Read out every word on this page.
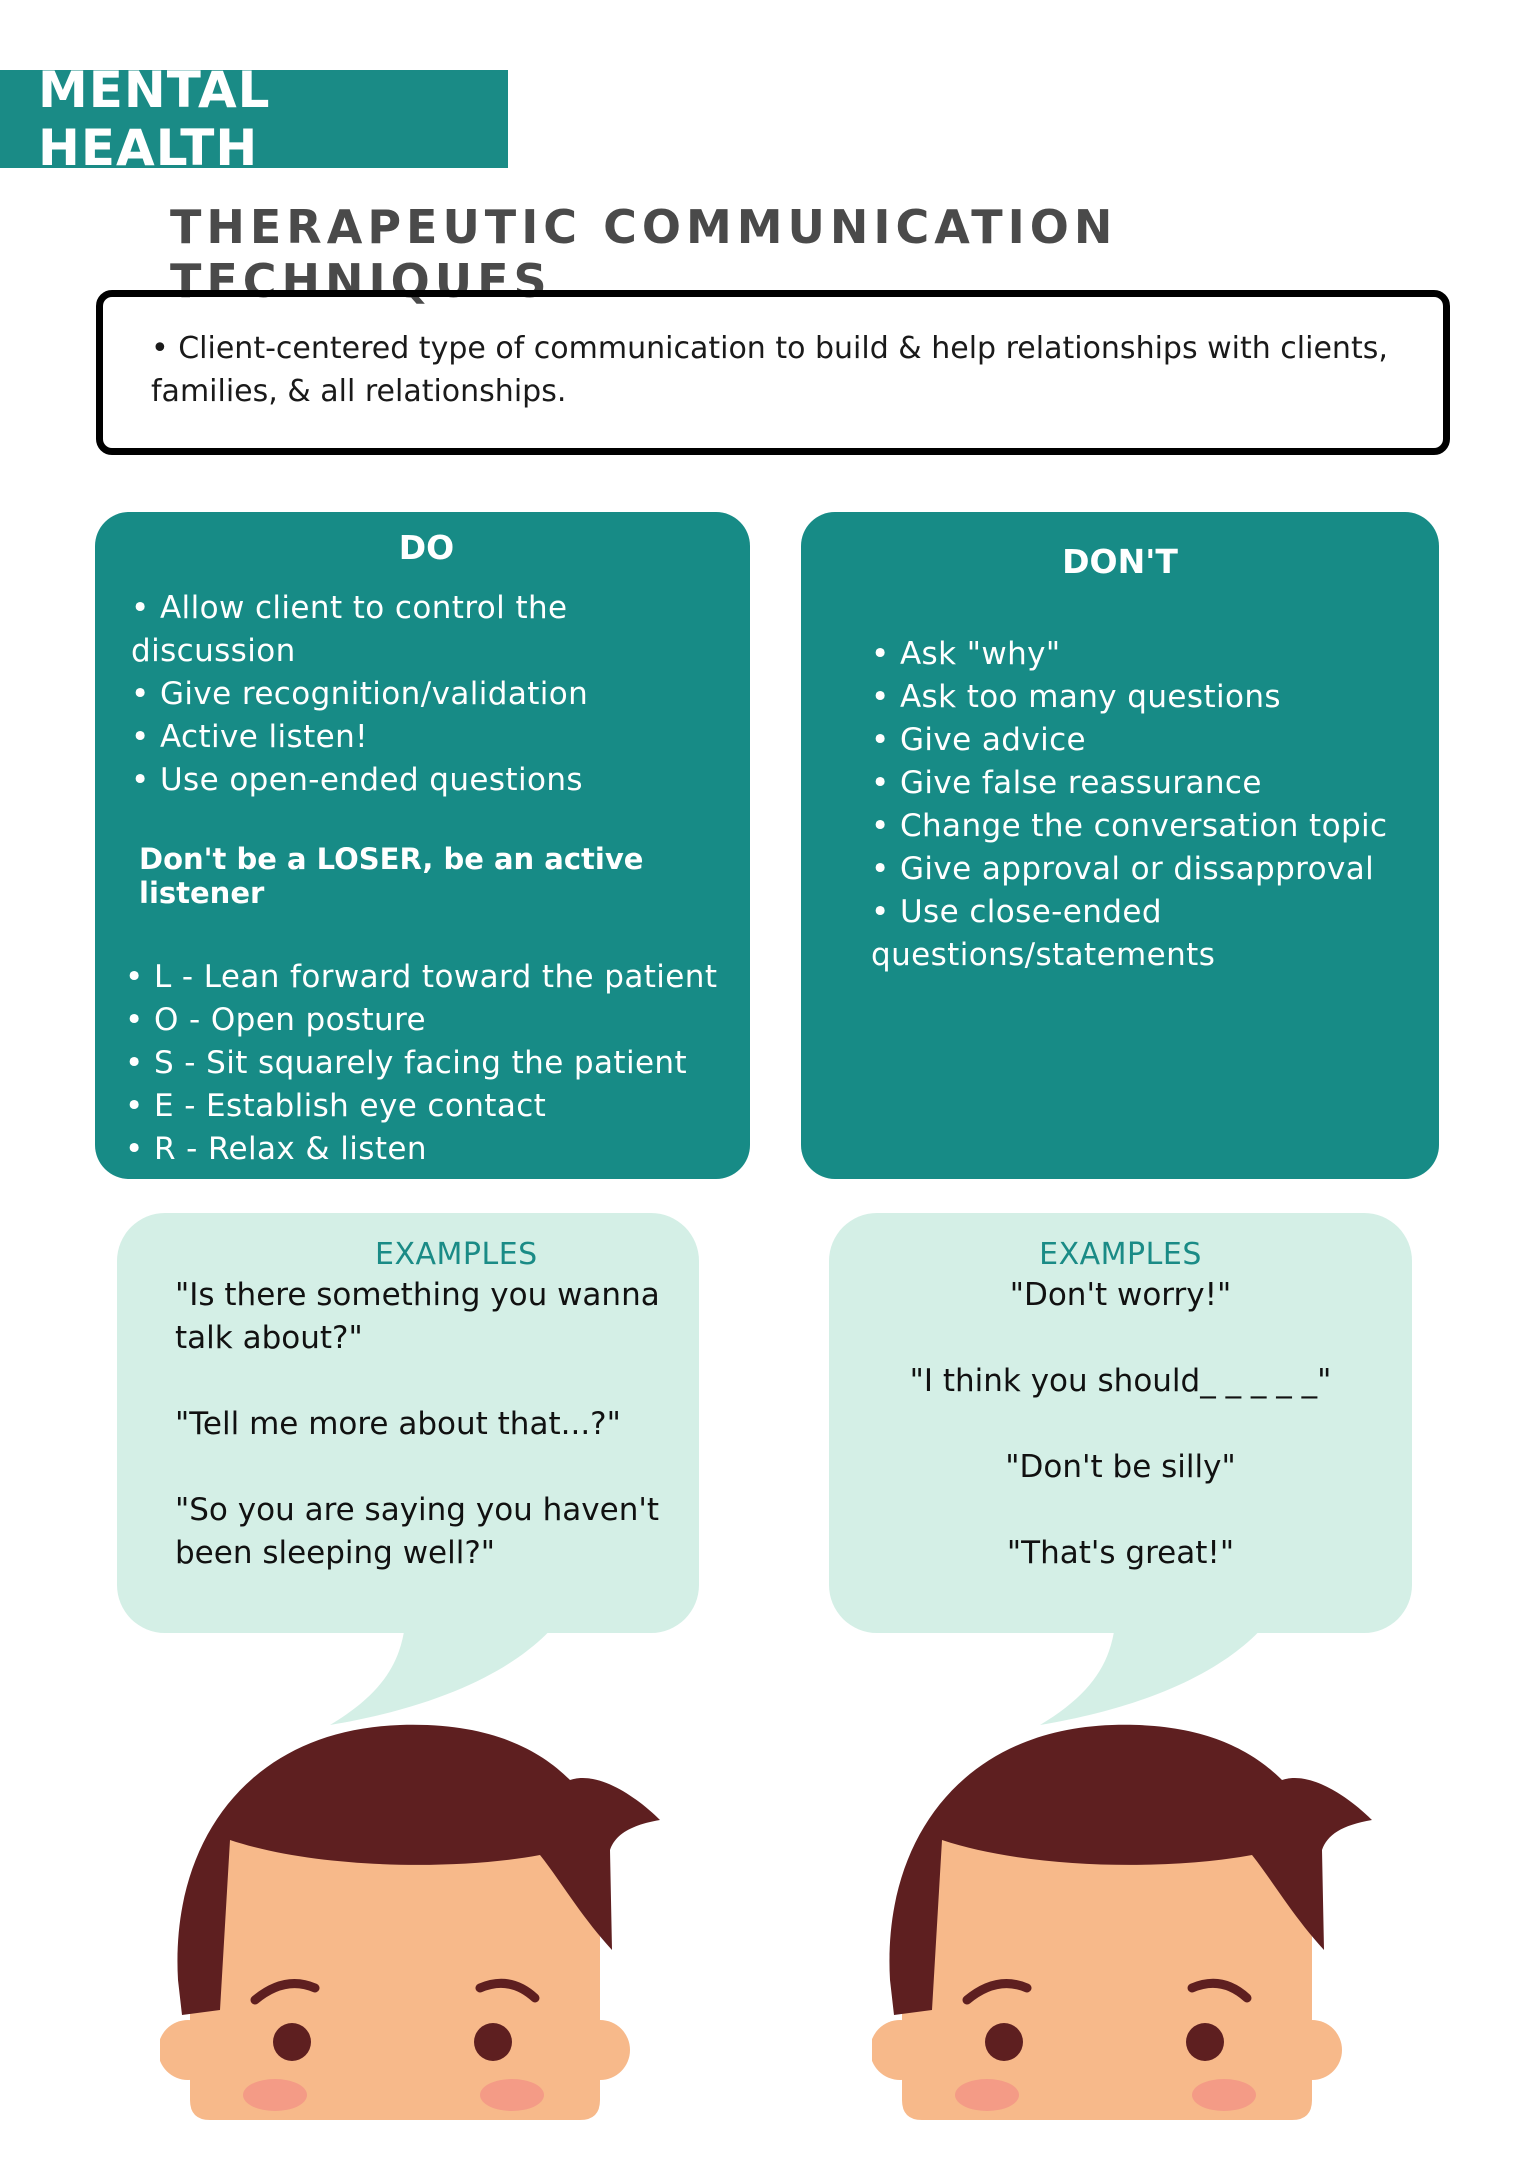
MENTAL HEALTH
THERAPEUTIC COMMUNICATION TECHNIQUES
• Client-centered type of communication to build & help relationships with clients, families, & all relationships.
DO
• Allow client to control the discussion
• Give recognition/validation
• Active listen!
• Use open-ended questions
Don't be a LOSER, be an active listener
• L - Lean forward toward the patient
• O - Open posture
• S - Sit squarely facing the patient
• E - Establish eye contact
• R - Relax & listen
DON'T
• Ask "why"
• Ask too many questions
• Give advice
• Give false reassurance
• Change the conversation topic
• Give approval or dissapproval
• Use close-ended questions/statements
EXAMPLES
"Is there something you wanna talk about?"
"Tell me more about that...?"
"So you are saying you haven't been sleeping well?"
EXAMPLES
"Don't worry!"
"I think you should_ _ _ _ _"
"Don't be silly"
"That's great!"
